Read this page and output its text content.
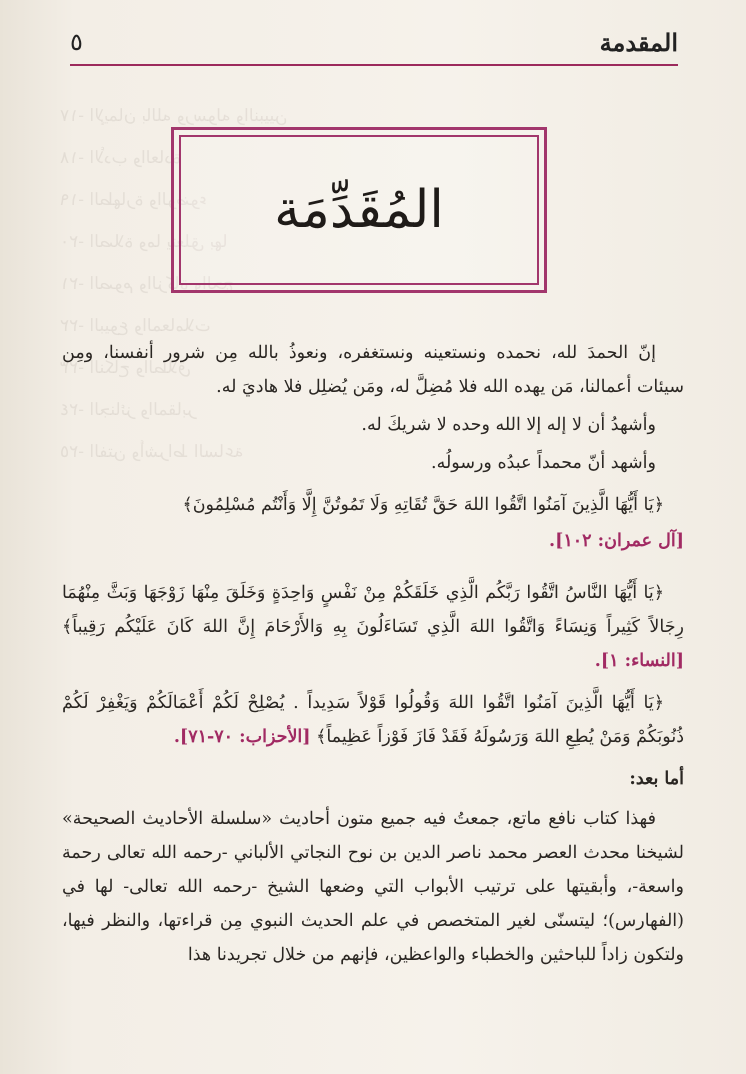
١٧- الإيمان بالله ورسوله والنبيين
١٨- الأدب والعادة
١٩- الطهارة والوضوء
٢٠- الصلاة وما يتعلق بها
٢١- الصوم والزكاة والحج
٢٢- البيوع والمعاملات
٢٣- النكاح والطلاق
٢٤- الجنائز والمقابر
٢٥- الفتن وأشراط الساعة
المقدمة
٥
المُقَدِّمَة

إنّ الحمدَ لله، نحمده ونستعينه ونستغفره، ونعوذُ بالله مِن شرور أنفسنا، ومِن سيئات أعمالنا، مَن يهده الله فلا مُضِلَّ له، ومَن يُضلِل فلا هاديَ له.

وأشهدُ أن لا إله إلا الله وحده لا شريكَ له.

وأشهد أنّ محمداً عبدُه ورسولُه.

﴿يَا أَيُّهَا الَّذِينَ آمَنُوا اتَّقُوا اللهَ حَقَّ تُقَاتِهِ وَلَا تَمُوتُنَّ إِلَّا وَأَنْتُم مُسْلِمُونَ﴾

[آل عمران: ١٠٢].

﴿يَا أَيُّهَا النَّاسُ اتَّقُوا رَبَّكُم الَّذِي خَلَقَكُمْ مِنْ نَفْسٍ وَاحِدَةٍ وَخَلَقَ مِنْهَا زَوْجَهَا وَبَثَّ مِنْهُمَا رِجَالاً كَثِيراً وَنِسَاءً وَاتَّقُوا اللهَ الَّذِي تَسَاءَلُونَ بِهِ وَالأَرْحَامَ إِنَّ اللهَ كَانَ عَلَيْكُم رَقِيباً﴾ [النساء: ١].

﴿يَا أَيُّهَا الَّذِينَ آمَنُوا اتَّقُوا اللهَ وَقُولُوا قَوْلاً سَدِيداً . يُصْلِحْ لَكُمْ أَعْمَالَكُمْ وَيَغْفِرْ لَكُمْ ذُنُوبَكُمْ وَمَنْ يُطِعِ اللهَ وَرَسُولَهُ فَقَدْ فَازَ فَوْزاً عَظِيماً﴾ [الأحزاب: ٧٠-٧١].

أما بعد:

فهذا كتاب نافع ماتع، جمعتُ فيه جميع متون أحاديث «سلسلة الأحاديث الصحيحة» لشيخنا محدث العصر محمد ناصر الدين بن نوح النجاتي الألباني -رحمه الله تعالى رحمة واسعة-، وأبقيتها على ترتيب الأبواب التي وضعها الشيخ -رحمه الله تعالى- لها في (الفهارس)؛ ليتسنّى لغير المتخصص في علم الحديث النبوي مِن قراءتها، والنظر فيها، ولتكون زاداً للباحثين والخطباء والواعظين، فإنهم من خلال تجريدنا هذا
